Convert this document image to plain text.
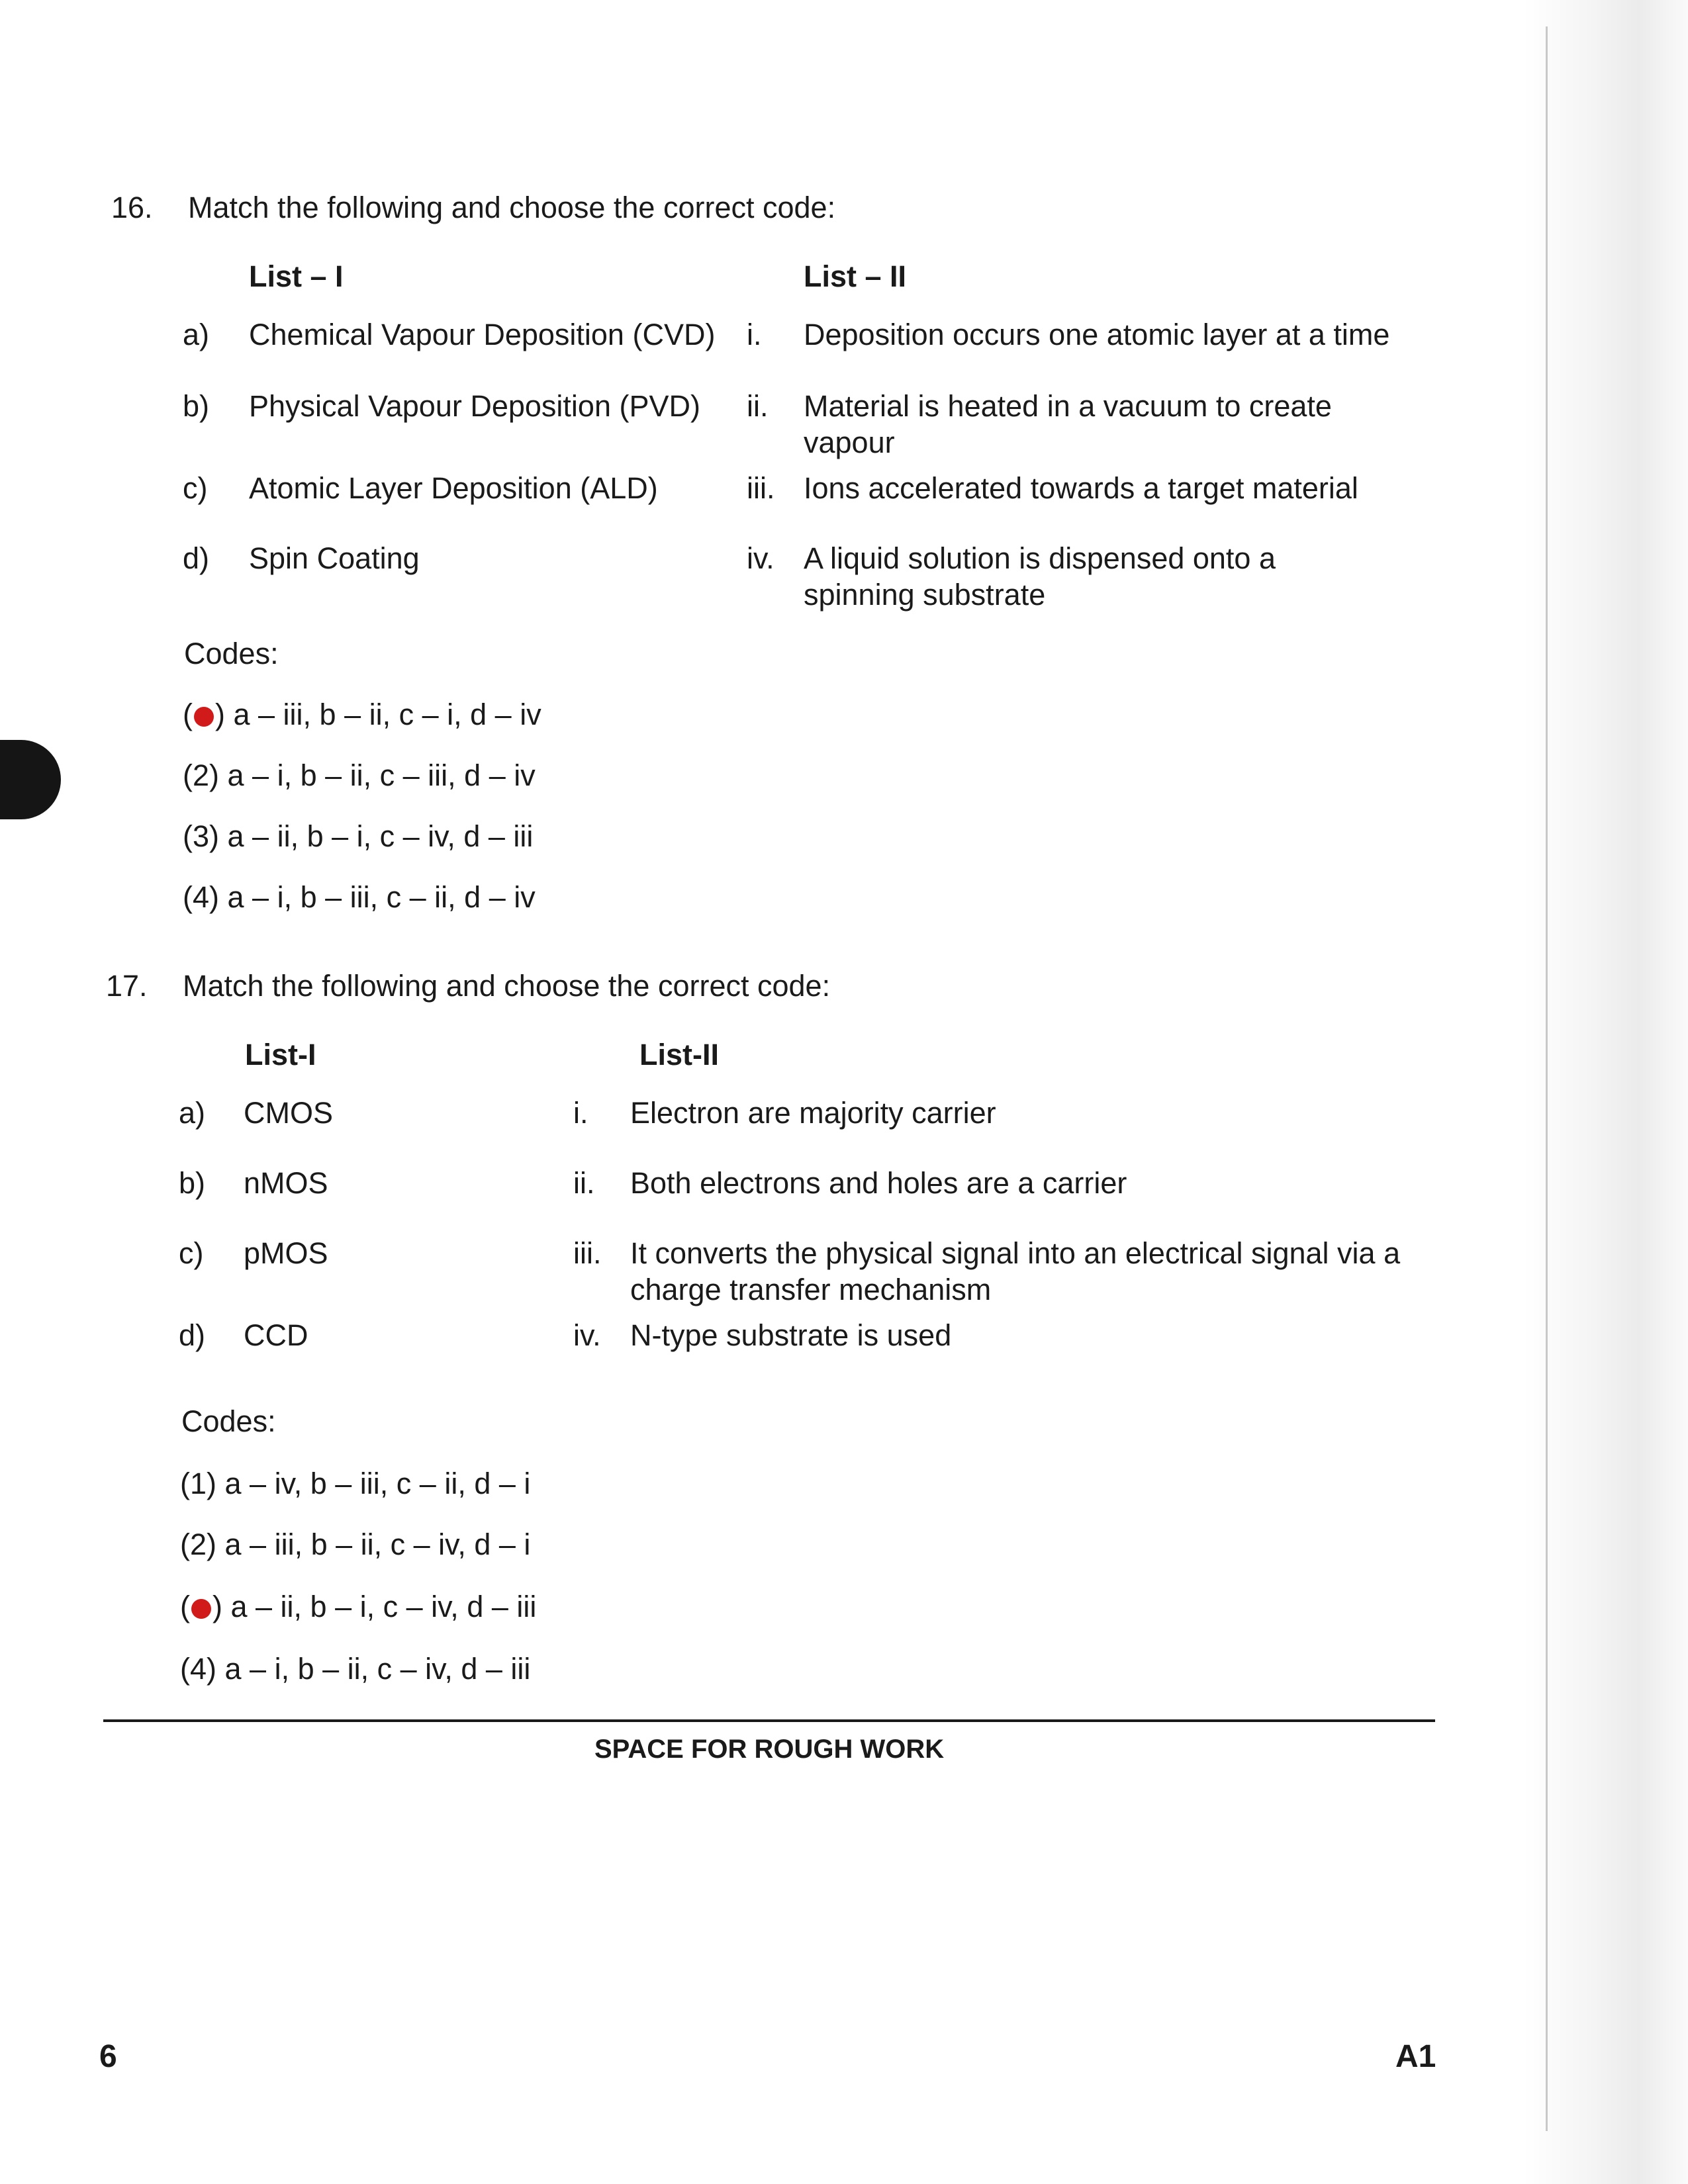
16. Match the following and choose the correct code:
List – I	List – II
a) Chemical Vapour Deposition (CVD) i. Deposition occurs one atomic layer at a time
b) Physical Vapour Deposition (PVD) ii. Material is heated in a vacuum to create vapour
c) Atomic Layer Deposition (ALD)	iii. Ions accelerated towards a target material
d) Spin Coating	iv. A liquid solution is dispensed onto a spinning substrate
Codes:
( ) a – iii, b – ii, c – i, d – iv
(2) a – i, b – ii, c – iii, d – iv
(3) a – ii, b – i, c – iv, d – iii
(4) a – i, b – iii, c – ii, d – iv
17. Match the following and choose the correct code:
List-I	List-II
a) CMOS	i. Electron are majority carrier
b) nMOS	ii. Both electrons and holes are a carrier
c) pMOS	iii. It converts the physical signal into an electrical signal via a charge transfer mechanism
d) CCD	iv. N-type substrate is used
Codes:
(1) a – iv, b – iii, c – ii, d – i
(2) a – iii, b – ii, c – iv, d – i
( ) a – ii, b – i, c – iv, d – iii
(4) a – i, b – ii, c – iv, d – iii
SPACE FOR ROUGH WORK
6	A1
